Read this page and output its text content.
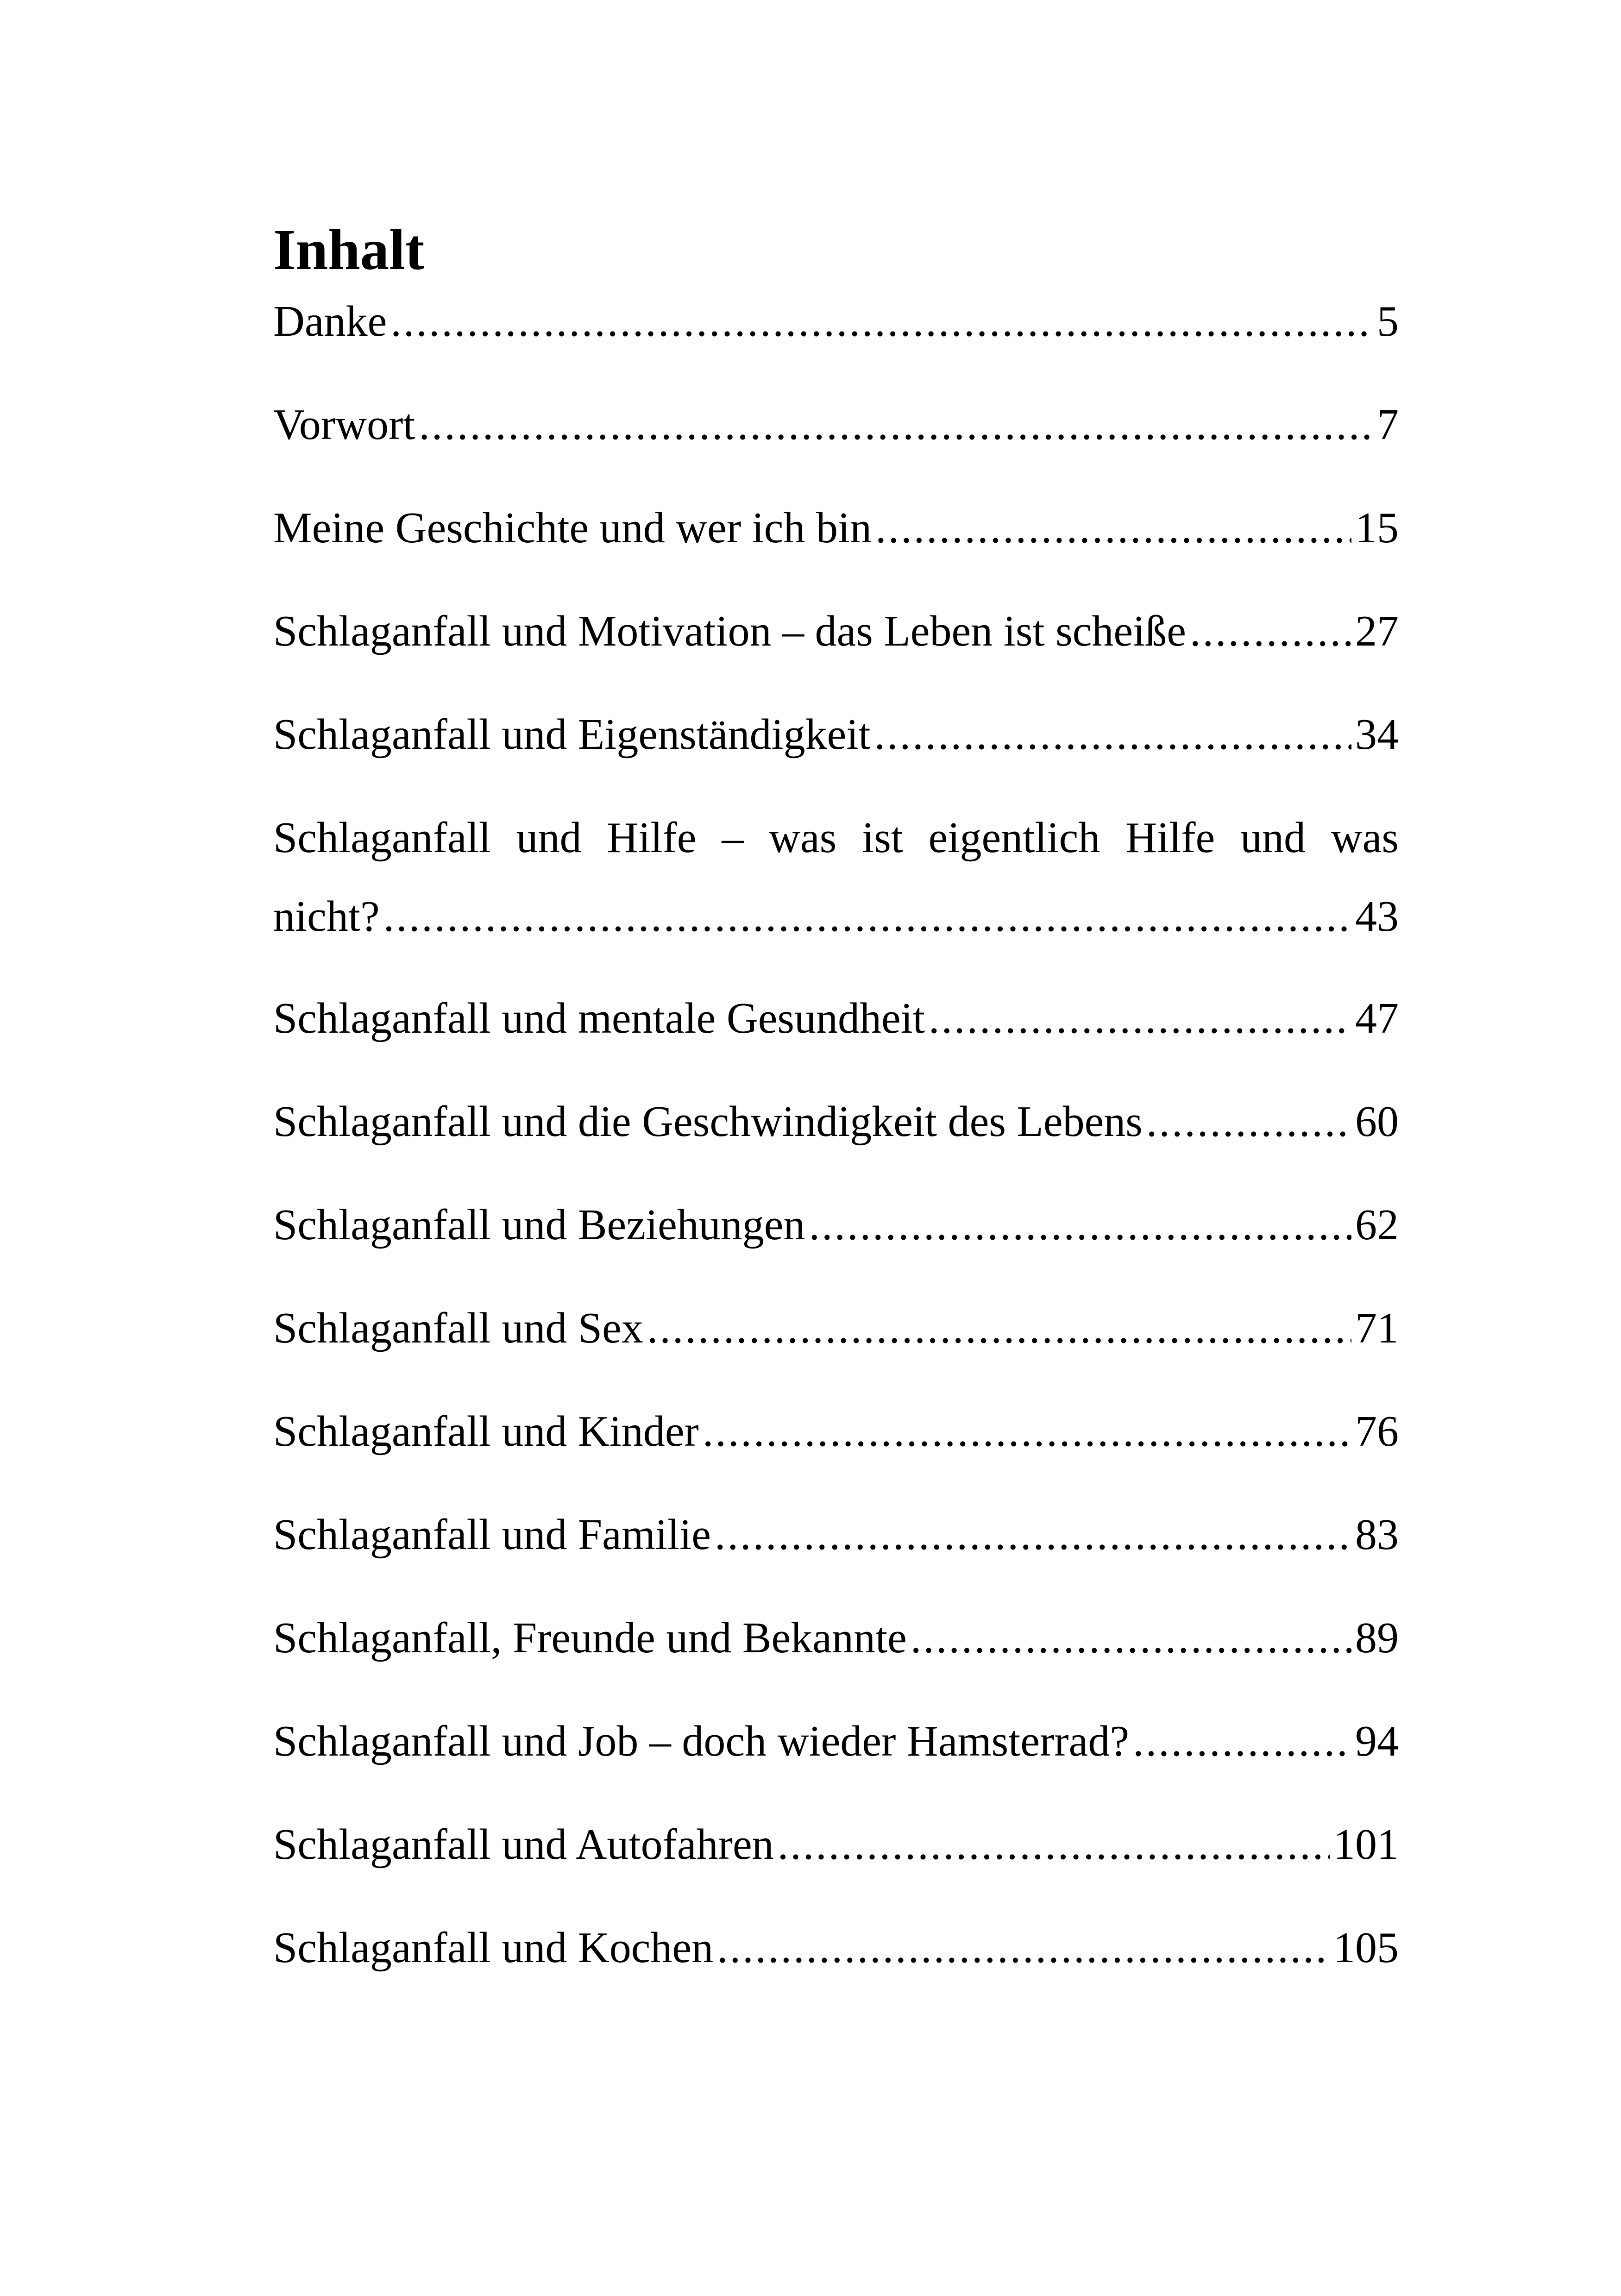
Inhalt
Danke .....	5
Vorwort .....	7
Meine Geschichte und wer ich bin .....	15
Schlaganfall und Motivation – das Leben ist scheiße .....	27
Schlaganfall und Eigenständigkeit .....	34
Schlaganfall und Hilfe – was ist eigentlich Hilfe und was
nicht? .....	43
Schlaganfall und mentale Gesundheit .....	47
Schlaganfall und die Geschwindigkeit des Lebens .....	60
Schlaganfall und Beziehungen .....	62
Schlaganfall und Sex .....	71
Schlaganfall und Kinder .....	76
Schlaganfall und Familie .....	83
Schlaganfall, Freunde und Bekannte .....	89
Schlaganfall und Job – doch wieder Hamsterrad? .....	94
Schlaganfall und Autofahren .....	101
Schlaganfall und Kochen .....	105
